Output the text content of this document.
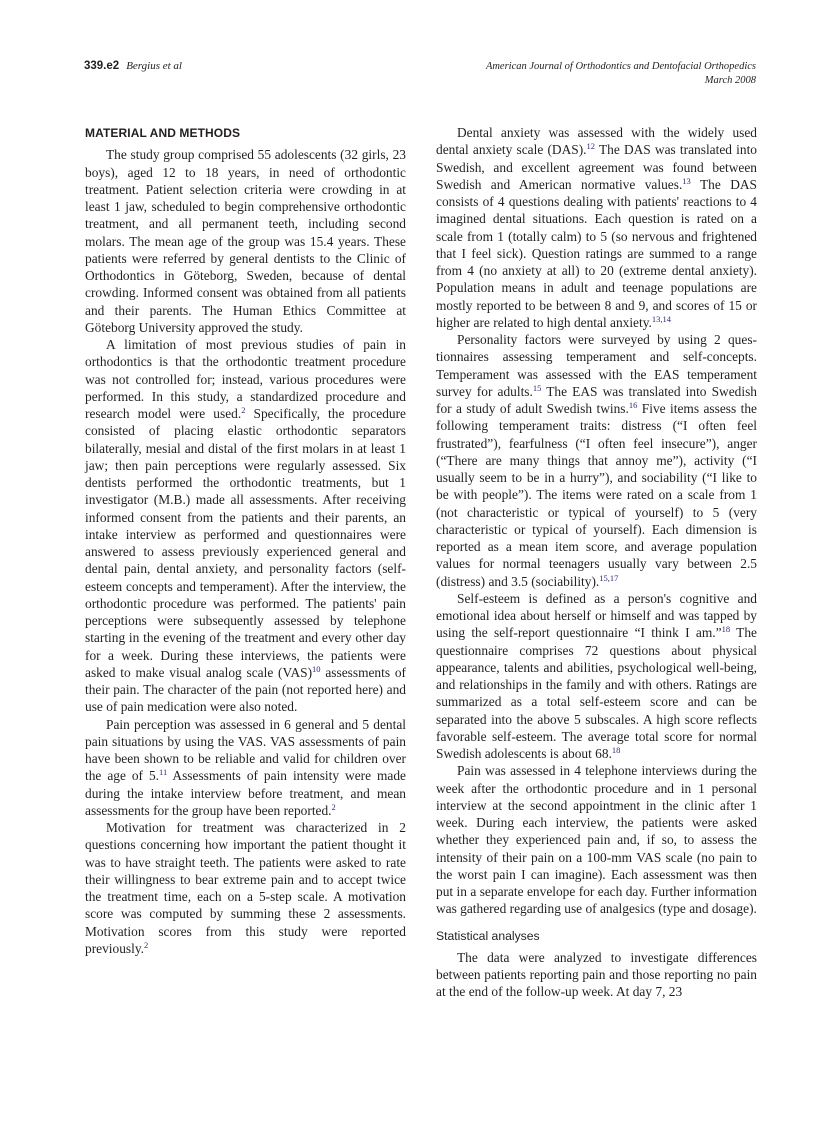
339.e2 Bergius et al	American Journal of Orthodontics and Dentofacial Orthopedics
March 2008
MATERIAL AND METHODS

The study group comprised 55 adolescents (32 girls, 23 boys), aged 12 to 18 years, in need of orthodontic treatment. Patient selection criteria were crowding in at least 1 jaw, scheduled to begin comprehensive orthodontic treatment, and all permanent teeth, including second molars. The mean age of the group was 15.4 years. These patients were referred by general dentists to the Clinic of Orthodontics in Göteborg, Sweden, because of dental crowding. Informed consent was obtained from all patients and their parents. The Human Ethics Committee at Göteborg University approved the study.

A limitation of most previous studies of pain in orthodontics is that the orthodontic treatment procedure was not controlled for; instead, various procedures were performed. In this study, a standardized procedure and research model were used.$^2$ Specifically, the procedure consisted of placing elastic orthodontic separators bilaterally, mesial and distal of the first molars in at least 1 jaw; then pain perceptions were regularly assessed. Six dentists performed the orthodontic treatments, but 1 investigator (M.B.) made all assessments. After receiving informed consent from the patients and their parents, an intake interview as performed and questionnaires were answered to assess previously experienced general and dental pain, dental anxiety, and personality factors (self-esteem concepts and temperament). After the interview, the orthodontic procedure was performed. The patients' pain perceptions were subsequently assessed by telephone starting in the evening of the treatment and every other day for a week. During these interviews, the patients were asked to make visual analog scale (VAS)$^{10}$ assessments of their pain. The character of the pain (not reported here) and use of pain medication were also noted.

Pain perception was assessed in 6 general and 5 dental pain situations by using the VAS. VAS assessments of pain have been shown to be reliable and valid for children over the age of 5.11 Assessments of pain intensity were made during the intake interview before treatment, and mean assessments for the group have been reported.$^2$

Motivation for treatment was characterized in 2 questions concerning how important the patient thought it was to have straight teeth. The patients were asked to rate their willingness to bear extreme pain and to accept twice the treatment time, each on a 5-step scale. A motivation score was computed by summing these 2 assessments. Motivation scores from this study were reported previously.$^2$

Dental anxiety was assessed with the widely used dental anxiety scale (DAS).$^{12}$ The DAS was translated into Swedish, and excellent agreement was found between Swedish and American normative values.$^{13}$ The DAS consists of 4 questions dealing with patients' reactions to 4 imagined dental situations. Each question is rated on a scale from 1 (totally calm) to 5 (so nervous and frightened that I feel sick). Question ratings are summed to a range from 4 (no anxiety at all) to 20 (extreme dental anxiety). Population means in adult and teenage populations are mostly reported to be between 8 and 9, and scores of 15 or higher are related to high dental anxiety.$^{13,14}$

Personality factors were surveyed by using 2 questionnaires assessing temperament and self-concepts. Temperament was assessed with the EAS temperament survey for adults.$^{15}$ The EAS was translated into Swedish for a study of adult Swedish twins.$^{16}$ Five items assess the following temperament traits: distress (“I often feel frustrated”), fearfulness (“I often feel insecure”), anger (“There are many things that annoy me”), activity (“I usually seem to be in a hurry”), and sociability (“I like to be with people”). The items were rated on a scale from 1 (not characteristic or typical of yourself) to 5 (very characteristic or typical of yourself). Each dimension is reported as a mean item score, and average population values for normal teenagers usually vary between 2.5 (distress) and 3.5 (sociability).$^{15,17}$

Self-esteem is defined as a person's cognitive and emotional idea about herself or himself and was tapped by using the self-report questionnaire “I think I am.”$^{18}$ The questionnaire comprises 72 questions about physical appearance, talents and abilities, psychological well-being, and relationships in the family and with others. Ratings are summarized as a total self-esteem score and can be separated into the above 5 subscales. A high score reflects favorable self-esteem. The average total score for normal Swedish adolescents is about 68.18

Pain was assessed in 4 telephone interviews during the week after the orthodontic procedure and in 1 personal interview at the second appointment in the clinic after 1 week. During each interview, the patients were asked whether they experienced pain and, if so, to assess the intensity of their pain on a 100-mm VAS scale (no pain to the worst pain I can imagine). Each assessment was then put in a separate envelope for each day. Further information was gathered regarding use of analgesics (type and dosage).

Statistical analyses

The data were analyzed to investigate differences between patients reporting pain and those reporting no pain at the end of the follow-up week. At day 7, 23
